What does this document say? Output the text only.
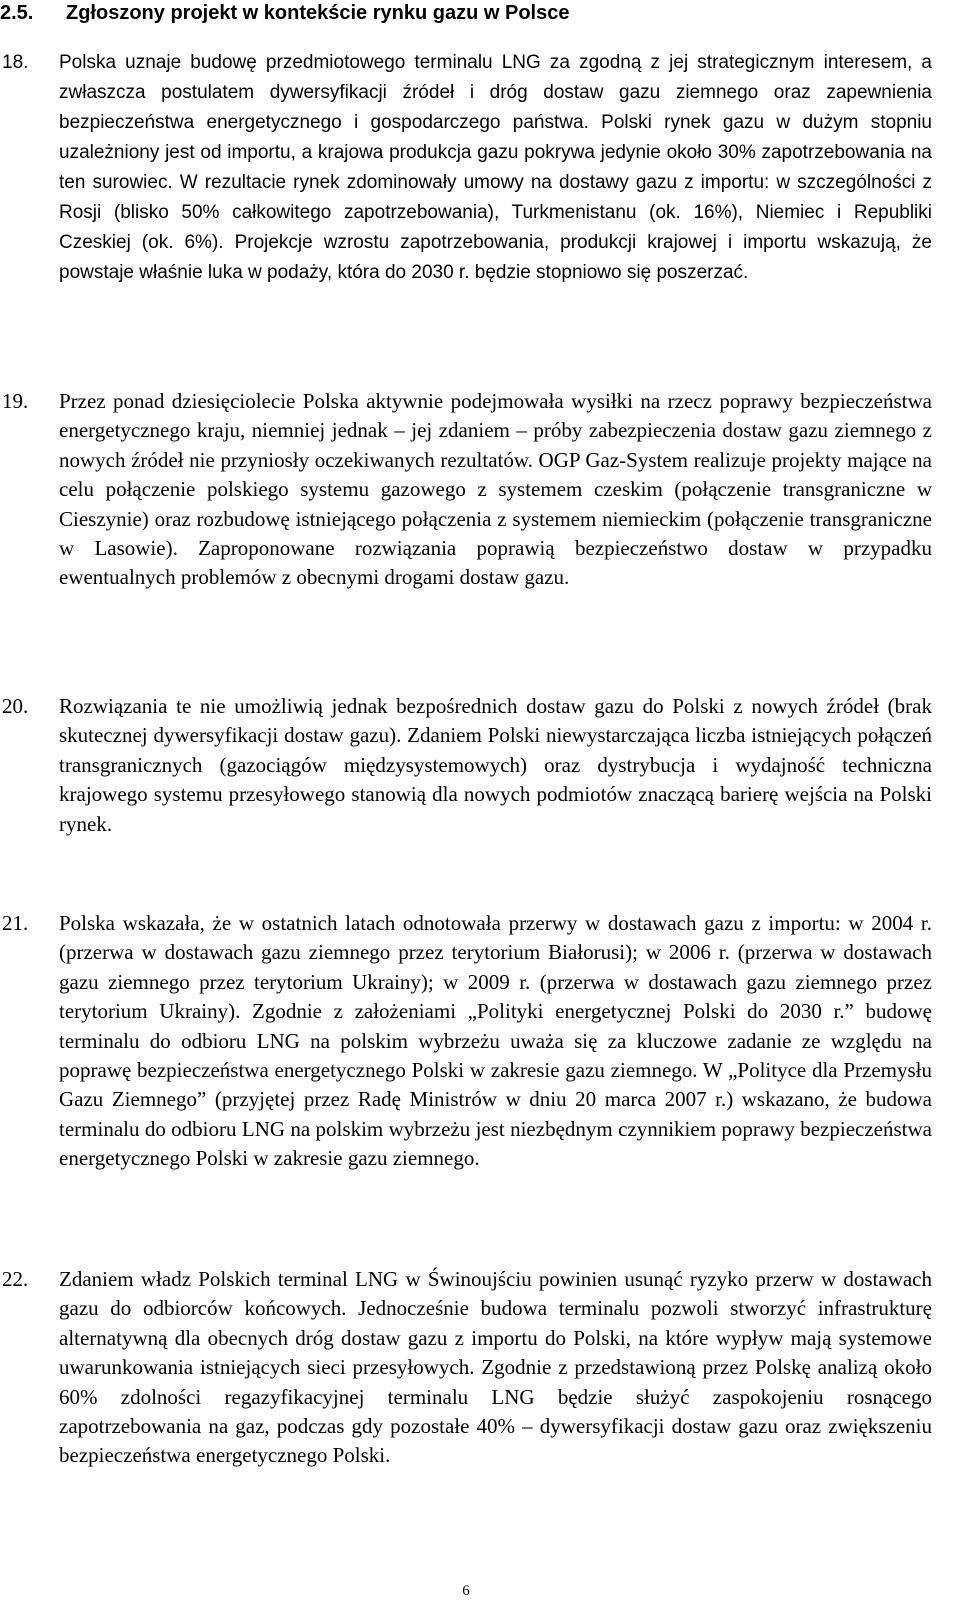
2.5. Zgłoszony projekt w kontekście rynku gazu w Polsce
18. Polska uznaje budowę przedmiotowego terminalu LNG za zgodną z jej strategicznym interesem, a zwłaszcza postulatem dywersyfikacji źródeł i dróg dostaw gazu ziemnego oraz zapewnienia bezpieczeństwa energetycznego i gospodarczego państwa. Polski rynek gazu w dużym stopniu uzależniony jest od importu, a krajowa produkcja gazu pokrywa jedynie około 30% zapotrzebowania na ten surowiec. W rezultacie rynek zdominowały umowy na dostawy gazu z importu: w szczególności z Rosji (blisko 50% całkowitego zapotrzebowania), Turkmenistanu (ok. 16%), Niemiec i Republiki Czeskiej (ok. 6%). Projekcje wzrostu zapotrzebowania, produkcji krajowej i importu wskazują, że powstaje właśnie luka w podaży, która do 2030 r. będzie stopniowo się poszerzać.
19. Przez ponad dziesięciolecie Polska aktywnie podejmowała wysiłki na rzecz poprawy bezpieczeństwa energetycznego kraju, niemniej jednak – jej zdaniem – próby zabezpieczenia dostaw gazu ziemnego z nowych źródeł nie przyniosły oczekiwanych rezultatów. OGP Gaz-System realizuje projekty mające na celu połączenie polskiego systemu gazowego z systemem czeskim (połączenie transgraniczne w Cieszynie) oraz rozbudowę istniejącego połączenia z systemem niemieckim (połączenie transgraniczne w Lasowie). Zaproponowane rozwiązania poprawią bezpieczeństwo dostaw w przypadku ewentualnych problemów z obecnymi drogami dostaw gazu.
20. Rozwiązania te nie umożliwią jednak bezpośrednich dostaw gazu do Polski z nowych źródeł (brak skutecznej dywersyfikacji dostaw gazu). Zdaniem Polski niewystarczająca liczba istniejących połączeń transgranicznych (gazociągów międzysystemowych) oraz dystrybucja i wydajność techniczna krajowego systemu przesyłowego stanowią dla nowych podmiotów znaczącą barierę wejścia na Polski rynek.
21. Polska wskazała, że w ostatnich latach odnotowała przerwy w dostawach gazu z importu: w 2004 r. (przerwa w dostawach gazu ziemnego przez terytorium Białorusi); w 2006 r. (przerwa w dostawach gazu ziemnego przez terytorium Ukrainy); w 2009 r. (przerwa w dostawach gazu ziemnego przez terytorium Ukrainy). Zgodnie z założeniami „Polityki energetycznej Polski do 2030 r.” budowę terminalu do odbioru LNG na polskim wybrzeżu uważa się za kluczowe zadanie ze względu na poprawę bezpieczeństwa energetycznego Polski w zakresie gazu ziemnego. W „Polityce dla Przemysłu Gazu Ziemnego” (przyjętej przez Radę Ministrów w dniu 20 marca 2007 r.) wskazano, że budowa terminalu do odbioru LNG na polskim wybrzeżu jest niezbędnym czynnikiem poprawy bezpieczeństwa energetycznego Polski w zakresie gazu ziemnego.
22. Zdaniem władz Polskich terminal LNG w Świnoujściu powinien usunąć ryzyko przerw w dostawach gazu do odbiorców końcowych. Jednocześnie budowa terminalu pozwoli stworzyć infrastrukturę alternatywną dla obecnych dróg dostaw gazu z importu do Polski, na które wypływ mają systemowe uwarunkowania istniejących sieci przesyłowych. Zgodnie z przedstawioną przez Polskę analizą około 60% zdolności regazyfikacyjnej terminalu LNG będzie służyć zaspokojeniu rosnącego zapotrzebowania na gaz, podczas gdy pozostałe 40% – dywersyfikacji dostaw gazu oraz zwiększeniu bezpieczeństwa energetycznego Polski.
6
